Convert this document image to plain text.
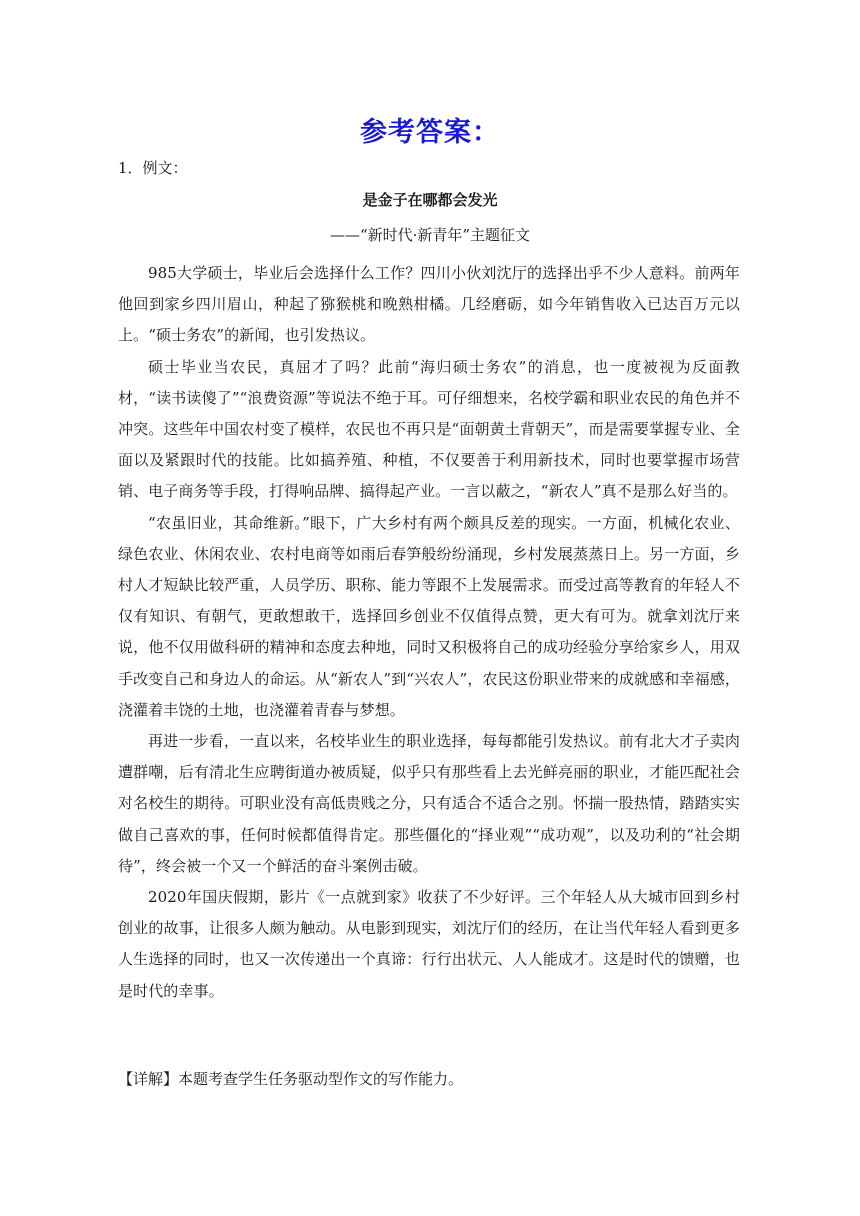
参考答案：
1．例文：
是金子在哪都会发光
——“新时代·新青年”主题征文

985大学硕士，毕业后会选择什么工作？四川小伙刘沈厅的选择出乎不少人意料。前两年他回到家乡四川眉山，种起了猕猴桃和晚熟柑橘。几经磨砺，如今年销售收入已达百万元以上。“硕士务农”的新闻，也引发热议。

硕士毕业当农民，真屈才了吗？此前“海归硕士务农”的消息，也一度被视为反面教材，“读书读傻了”“浪费资源”等说法不绝于耳。可仔细想来，名校学霸和职业农民的角色并不冲突。这些年中国农村变了模样，农民也不再只是“面朝黄土背朝天”，而是需要掌握专业、全面以及紧跟时代的技能。比如搞养殖、种植，不仅要善于利用新技术，同时也要掌握市场营销、电子商务等手段，打得响品牌、搞得起产业。一言以蔽之，“新农人”真不是那么好当的。

“农虽旧业，其命维新。”眼下，广大乡村有两个颇具反差的现实。一方面，机械化农业、绿色农业、休闲农业、农村电商等如雨后春笋般纷纷涌现，乡村发展蒸蒸日上。另一方面，乡村人才短缺比较严重，人员学历、职称、能力等跟不上发展需求。而受过高等教育的年轻人不仅有知识、有朝气，更敢想敢干，选择回乡创业不仅值得点赞，更大有可为。就拿刘沈厅来说，他不仅用做科研的精神和态度去种地，同时又积极将自己的成功经验分享给家乡人，用双手改变自己和身边人的命运。从“新农人”到“兴农人”，农民这份职业带来的成就感和幸福感，浇灌着丰饶的土地，也浇灌着青春与梦想。

再进一步看，一直以来，名校毕业生的职业选择，每每都能引发热议。前有北大才子卖肉遭群嘲，后有清北生应聘街道办被质疑，似乎只有那些看上去光鲜亮丽的职业，才能匹配社会对名校生的期待。可职业没有高低贵贱之分，只有适合不适合之别。怀揣一股热情，踏踏实实做自己喜欢的事，任何时候都值得肯定。那些僵化的“择业观”“成功观”，以及功利的“社会期待”，终会被一个又一个鲜活的奋斗案例击破。

2020年国庆假期，影片《一点就到家》收获了不少好评。三个年轻人从大城市回到乡村创业的故事，让很多人颇为触动。从电影到现实，刘沈厅们的经历，在让当代年轻人看到更多人生选择的同时，也又一次传递出一个真谛：行行出状元、人人能成才。这是时代的馈赠，也是时代的幸事。

【详解】本题考查学生任务驱动型作文的写作能力。
